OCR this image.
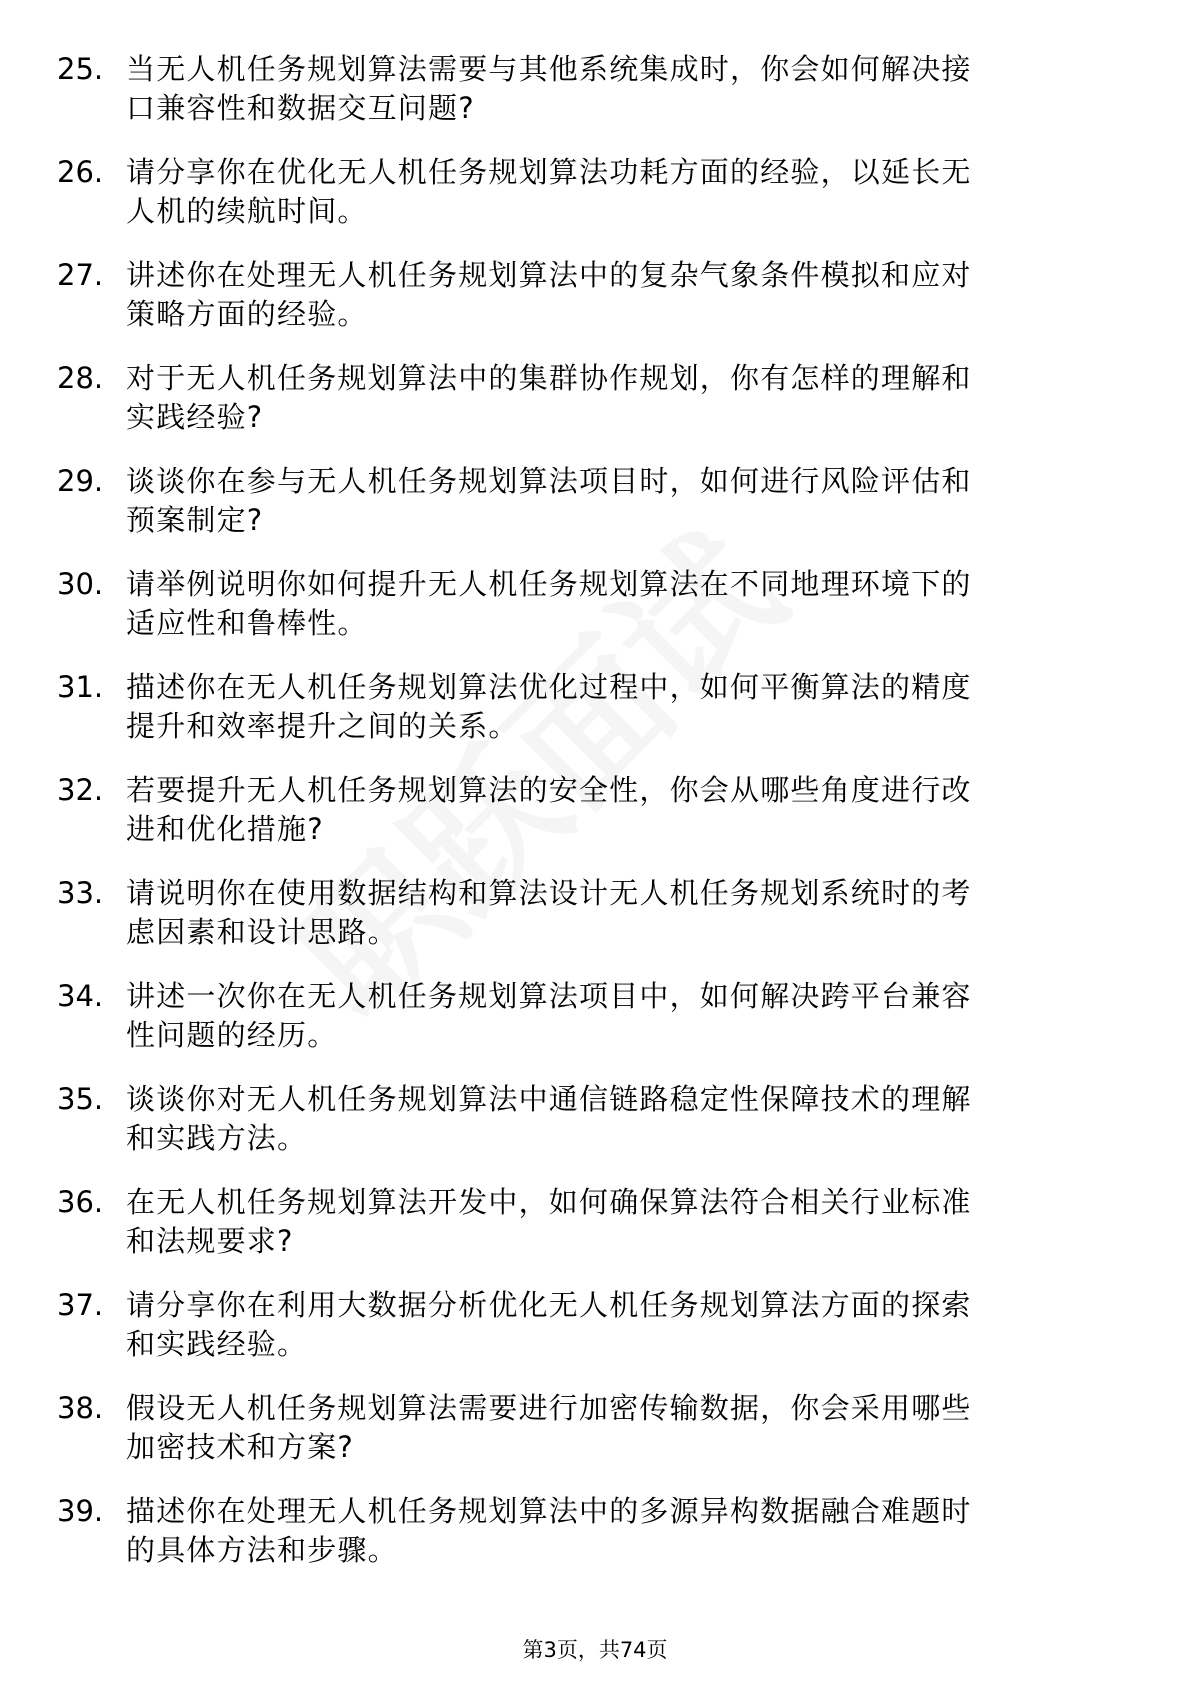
25. 当无人机任务规划算法需要与其他系统集成时，你会如何解决接
口兼容性和数据交互问题?
26. 请分享你在优化无人机任务规划算法功耗方面的经验，以延长无
人机的续航时间。
27. 讲述你在处理无人机任务规划算法中的复杂气象条件模拟和应对
策略方面的经验。
28. 对于无人机任务规划算法中的集群协作规划，你有怎样的理解和
实践经验?
29. 谈谈你在参与无人机任务规划算法项目时，如何进行风险评估和
预案制定?
30. 请举例说明你如何提升无人机任务规划算法在不同地理环境下的
适应性和鲁棒性。
31. 描述你在无人机任务规划算法优化过程中，如何平衡算法的精度
提升和效率提升之间的关系。
32. 若要提升无人机任务规划算法的安全性，你会从哪些角度进行改
进和优化措施?
33. 请说明你在使用数据结构和算法设计无人机任务规划系统时的考
虑因素和设计思路。
34. 讲述一次你在无人机任务规划算法项目中，如何解决跨平台兼容
性问题的经历。
35. 谈谈你对无人机任务规划算法中通信链路稳定性保障技术的理解
和实践方法。
36. 在无人机任务规划算法开发中，如何确保算法符合相关行业标准
和法规要求?
37. 请分享你在利用大数据分析优化无人机任务规划算法方面的探索
和实践经验。
38. 假设无人机任务规划算法需要进行加密传输数据，你会采用哪些
加密技术和方案?
39. 描述你在处理无人机任务规划算法中的多源异构数据融合难题时
的具体方法和步骤。
第3页，共74页
